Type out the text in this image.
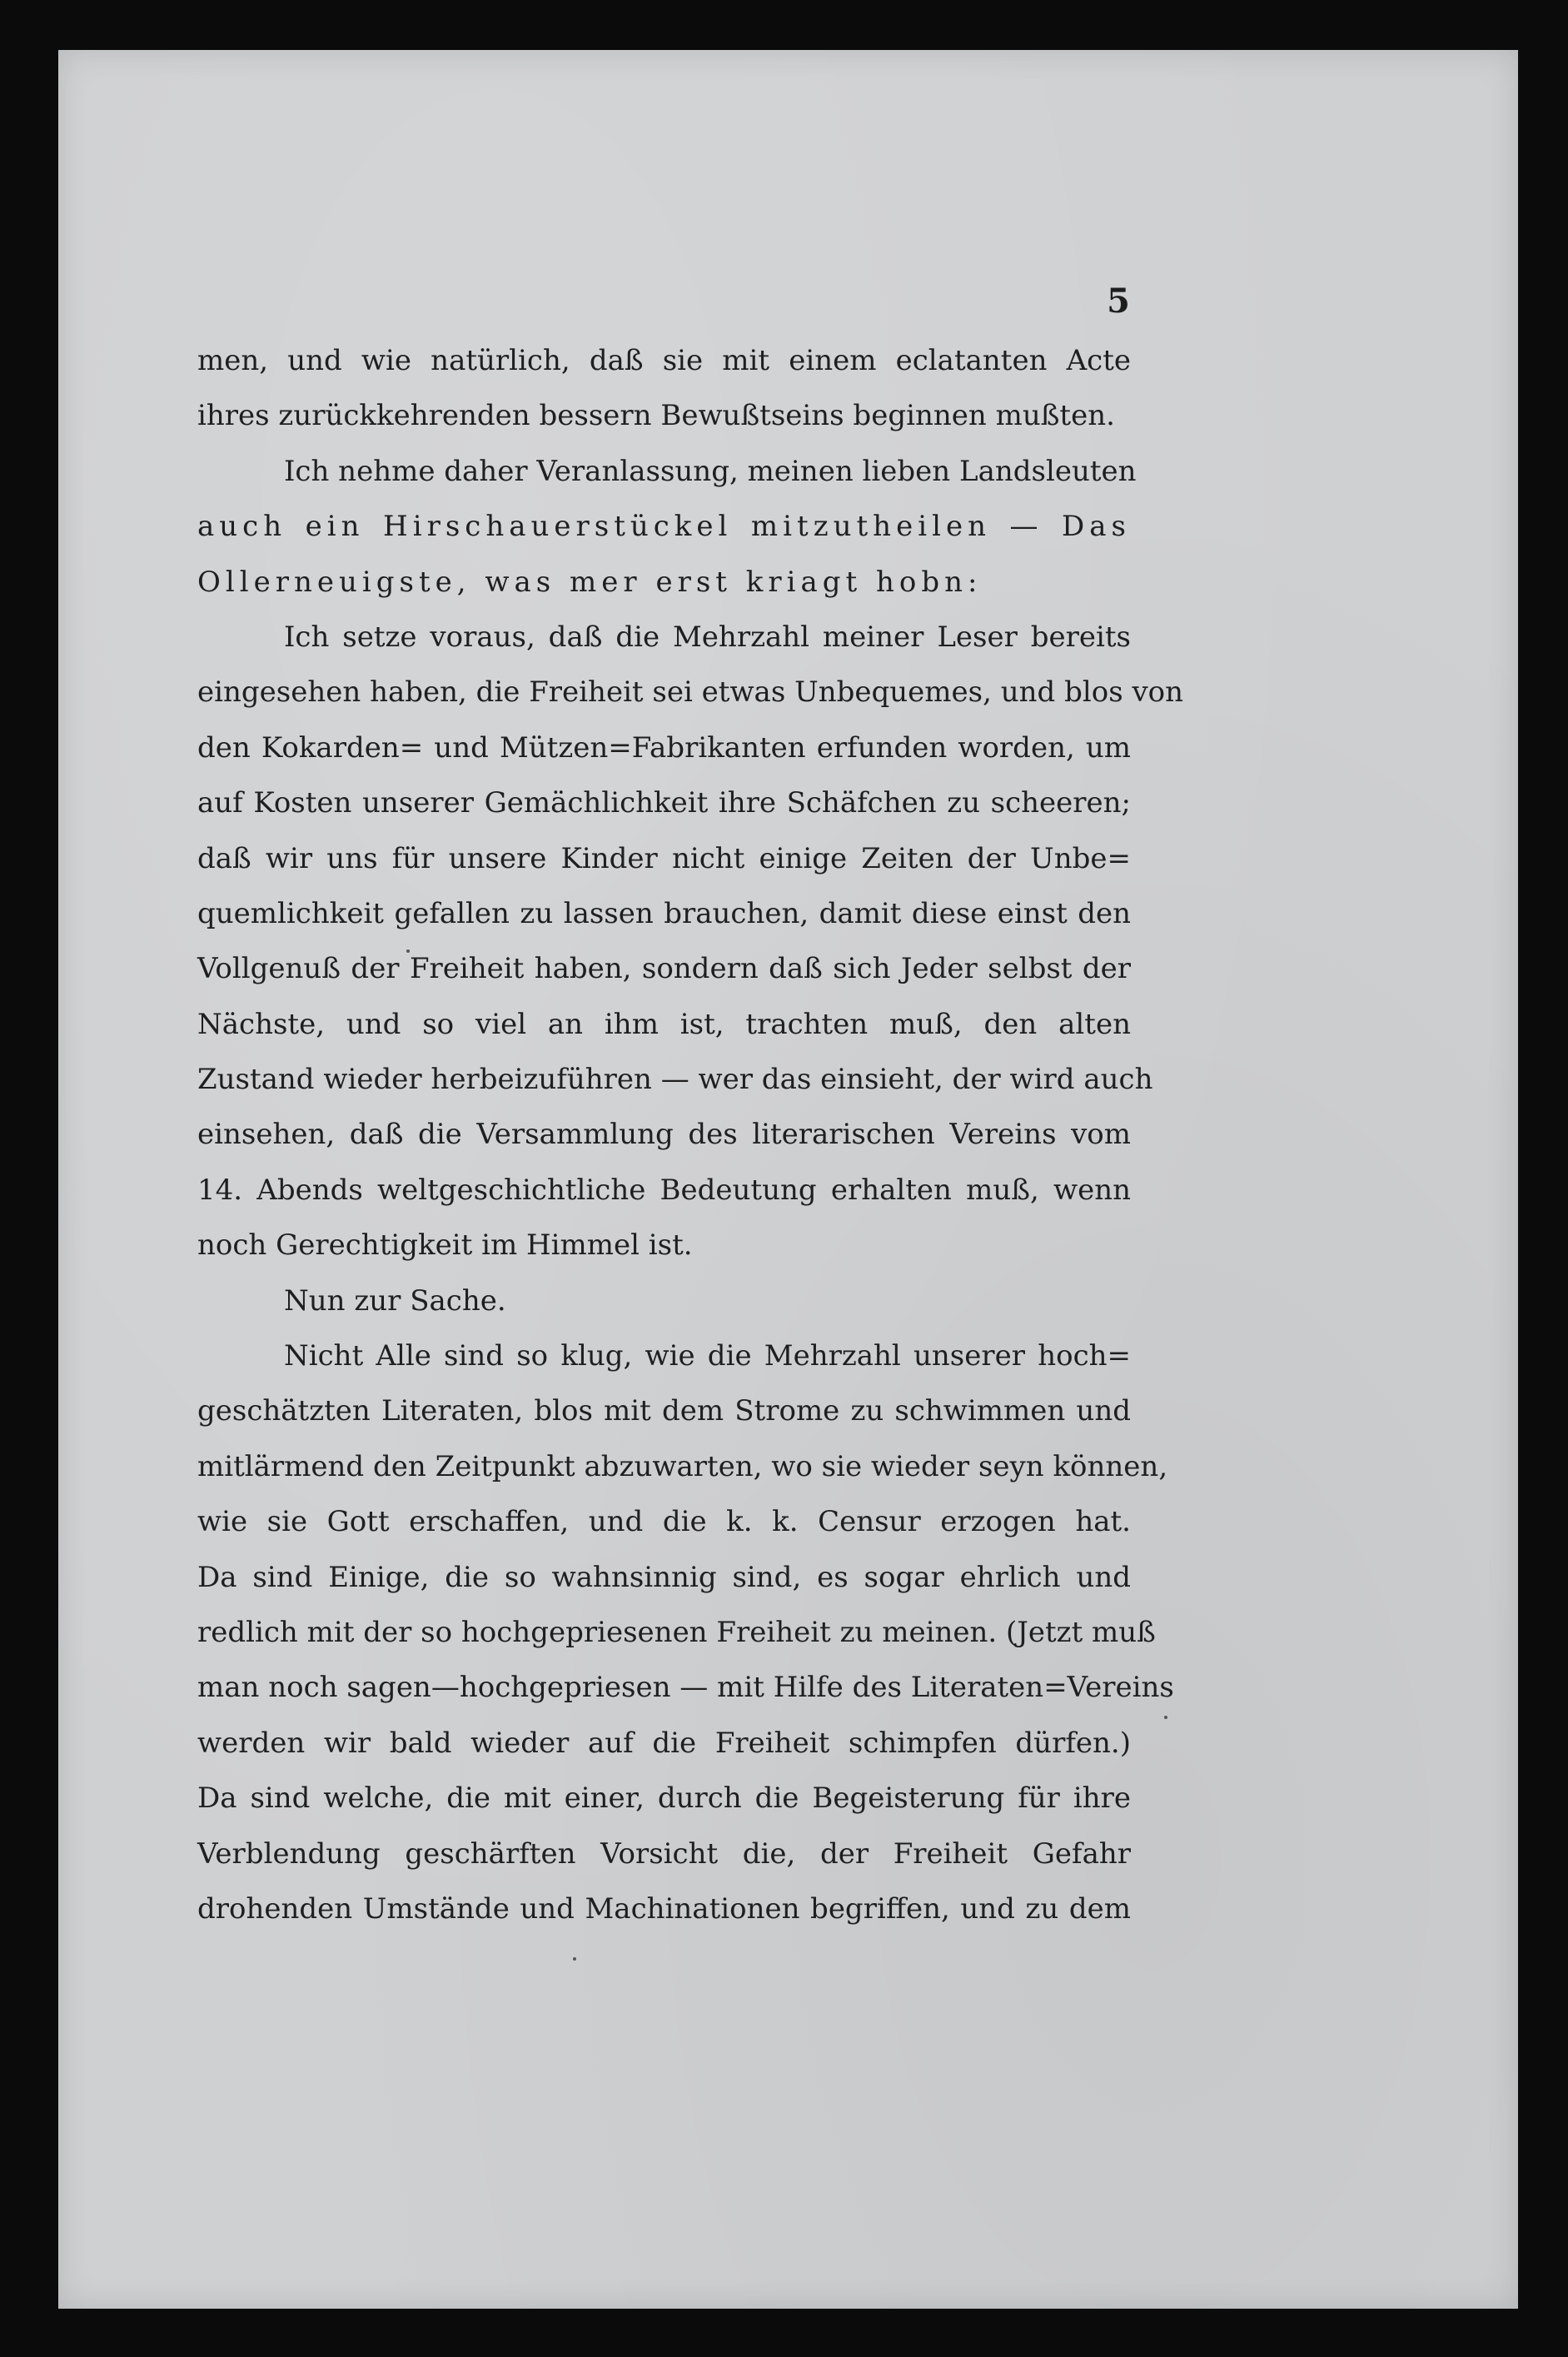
5
men, und wie natürlich, daß sie mit einem eclatanten Acte
ihres zurückkehrenden bessern Bewußtseins beginnen mußten.
Ich nehme daher Veranlassung, meinen lieben Landsleuten
auch ein Hirschauerstückel mitzutheilen — Das
Ollerneuigste, was mer erst kriagt hobn:
Ich setze voraus, daß die Mehrzahl meiner Leser bereits
eingesehen haben, die Freiheit sei etwas Unbequemes, und blos von
den Kokarden= und Mützen=Fabrikanten erfunden worden, um
auf Kosten unserer Gemächlichkeit ihre Schäfchen zu scheeren;
daß wir uns für unsere Kinder nicht einige Zeiten der Unbe=
quemlichkeit gefallen zu lassen brauchen, damit diese einst den
Vollgenuß der Freiheit haben, sondern daß sich Jeder selbst der
Nächste, und so viel an ihm ist, trachten muß, den alten
Zustand wieder herbeizuführen — wer das einsieht, der wird auch
einsehen, daß die Versammlung des literarischen Vereins vom
14. Abends weltgeschichtliche Bedeutung erhalten muß, wenn
noch Gerechtigkeit im Himmel ist.
Nun zur Sache.
Nicht Alle sind so klug, wie die Mehrzahl unserer hoch=
geschätzten Literaten, blos mit dem Strome zu schwimmen und
mitlärmend den Zeitpunkt abzuwarten, wo sie wieder seyn können,
wie sie Gott erschaffen, und die k. k. Censur erzogen hat.
Da sind Einige, die so wahnsinnig sind, es sogar ehrlich und
redlich mit der so hochgepriesenen Freiheit zu meinen. (Jetzt muß
man noch sagen—hochgepriesen — mit Hilfe des Literaten=Vereins
werden wir bald wieder auf die Freiheit schimpfen dürfen.)
Da sind welche, die mit einer, durch die Begeisterung für ihre
Verblendung geschärften Vorsicht die, der Freiheit Gefahr
drohenden Umstände und Machinationen begriffen, und zu dem
